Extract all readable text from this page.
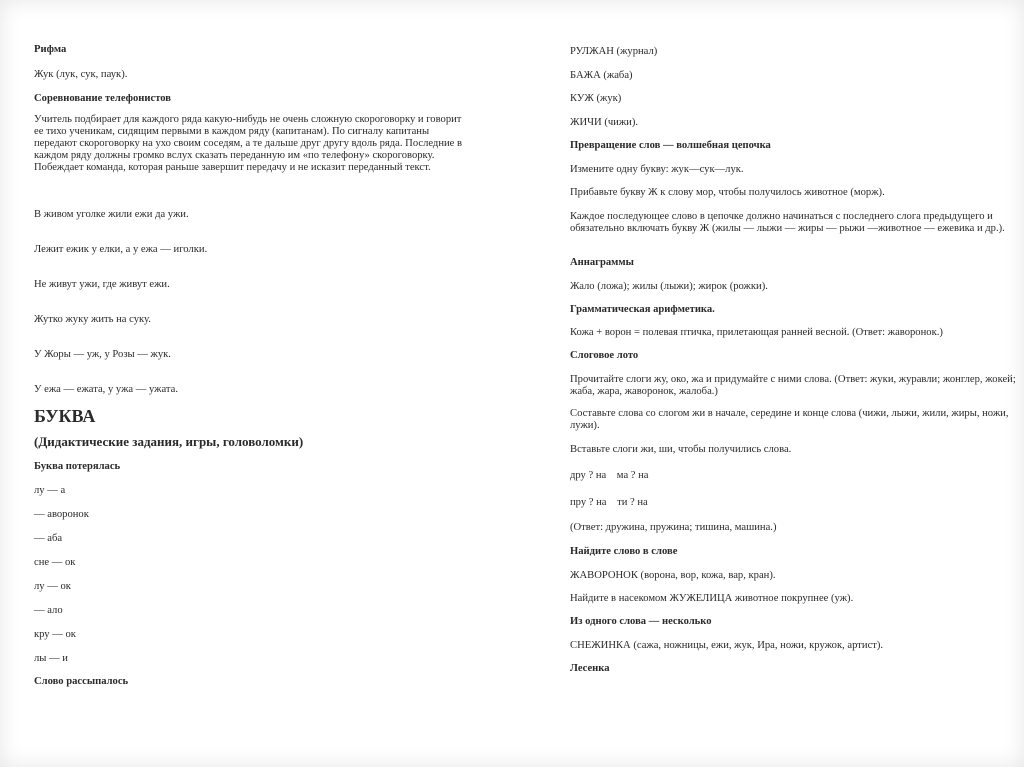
Рифма
Жук (лук, сук, паук).
Соревнование телефонистов
Учитель подбирает для каждого ряда какую-нибудь не очень сложную скороговорку и говорит ее тихо ученикам, сидящим первыми в каждом ряду (капитанам). По сигналу капитаны передают скороговорку на ухо своим соседям, а те дальше друг другу вдоль ряда. Последние в каждом ряду должны громко вслух сказать переданную им «по телефону» скороговорку. Побеждает команда, которая раньше завершит передачу и не исказит переданный текст.
В живом уголке жили ежи да ужи.
Лежит ежик у елки, а у ежа — иголки.
Не живут ужи, где живут ежи.
Жутко жуку жить на суку.
У Жоры — уж, у Розы — жук.
У ежа — ежата, у ужа — ужата.
БУКВА
(Дидактические задания, игры, головоломки)
Буква потерялась
лу — а
— аворонок
— аба
сне — ок
лу — ок
— ало
кру — ок
лы — и
Слово рассыпалось
РУЛЖАН (журнал)
БАЖА (жаба)
КУЖ (жук)
ЖИЧИ (чижи).
Превращение слов — волшебная цепочка
Измените одну букву: жук—сук—лук.
Прибавьте букву Ж к слову мор, чтобы получилось животное (морж).
Каждое последующее слово в цепочке должно начинаться с последнего слога предыдущего и обязательно включать букву Ж (жилы — лыжи — жиры — рыжи —животное — ежевика и др.).
Аннаграммы
Жало (ложа); жилы (лыжи); жирок (рожки).
Грамматическая арифметика.
Кожа + ворон = полевая птичка, прилетающая ранней весной. (Ответ: жаворонок.)
Слоговое лото
Прочитайте слоги жу, око, жа и придумайте с ними слова. (Ответ: жуки, журавли; жонглер, жокей; жаба, жара, жаворонок, жалоба.)
Составьте слова со слогом жи в начале, середине и конце слова (чижи, лыжи, жили, жиры, ножи, лужи).
Вставьте слоги жи, ши, чтобы получились слова.
дру ? на    ма ? на
пру ? на    ти ? на
(Ответ: дружина, пружина; тишина, машина.)
Найдите слово в слове
ЖАВОРОНОК (ворона, вор, кожа, вар, кран).
Найдите в насекомом ЖУЖЕЛИЦА животное покрупнее (уж).
Из одного слова — несколько
СНЕЖИНКА (сажа, ножницы, ежи, жук, Ира, ножи, кружок, артист).
Лесенка
